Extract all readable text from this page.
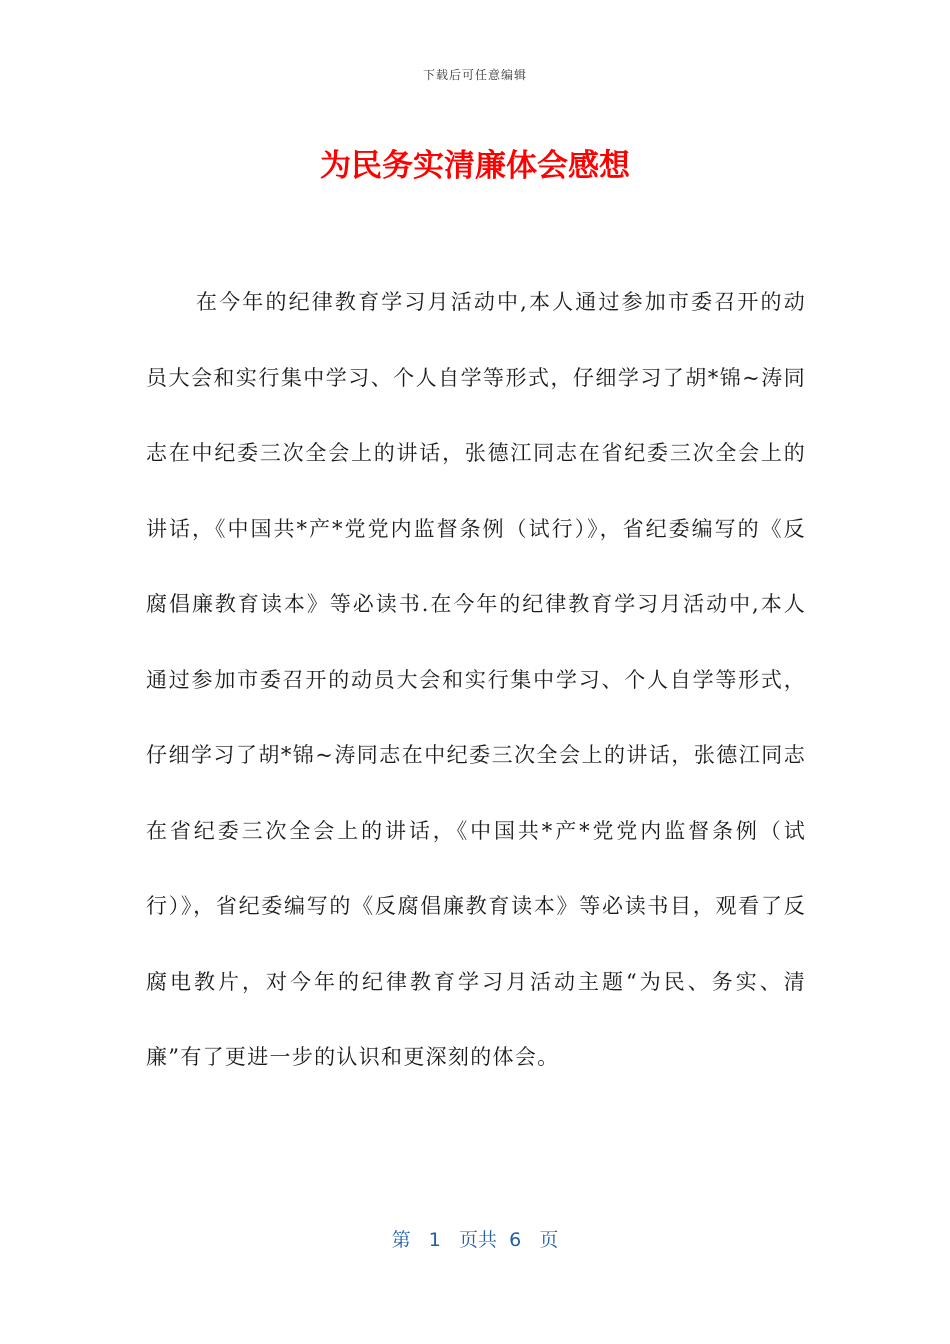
下载后可任意编辑
为民务实清廉体会感想

在今年的纪律教育学习月活动中,本人通过参加市委召开的动员大会和实行集中学习、个人自学等形式，仔细学习了胡*锦~涛同志在中纪委三次全会上的讲话，张德江同志在省纪委三次全会上的讲话，《中国共*产*党党内监督条例（试行）》，省纪委编写的《反腐倡廉教育读本》等必读书.在今年的纪律教育学习月活动中,本人通过参加市委召开的动员大会和实行集中学习、个人自学等形式，仔细学习了胡*锦~涛同志在中纪委三次全会上的讲话，张德江同志在省纪委三次全会上的讲话，《中国共*产*党党内监督条例（试行）》，省纪委编写的《反腐倡廉教育读本》等必读书目，观看了反腐电教片，对今年的纪律教育学习月活动主题“为民、务实、清廉”有了更进一步的认识和更深刻的体会。

第 1 页共 6 页
